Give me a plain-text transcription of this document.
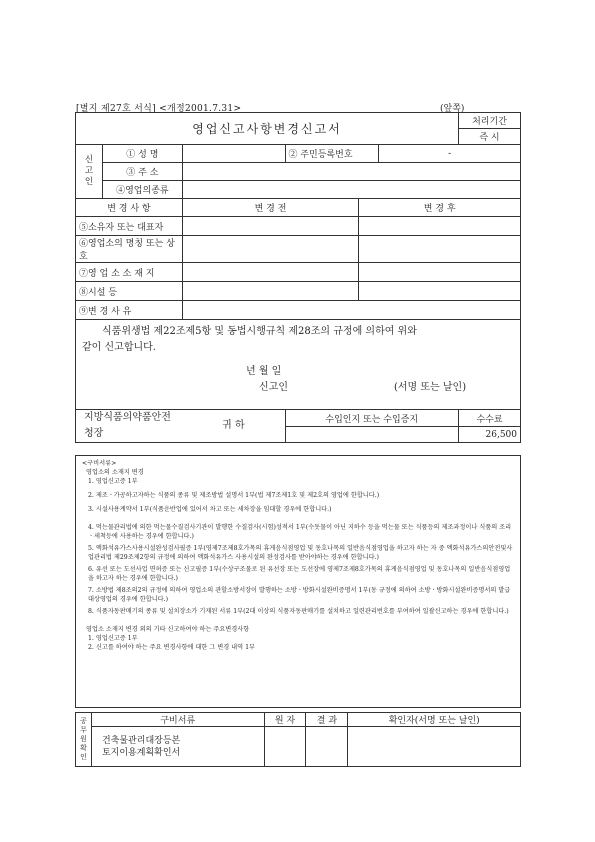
[별지 제27호 서식] <개정2001.7.31>	(앞쪽)
영업신고사항변경신고서						처리기간
						즉 시
신
고
인	① 성 명		② 주민등록번호		-	
	③ 주 소					
	④영업의종류					
변 경 사 항		변 경 전		변 경 후		
⑤소유자 또는 대표자						
⑥영업소의 명칭 또는 상호						
⑦영 업 소 소 재 지						
⑧시설 등						
⑨변 경 사 유						

식품위생법 제22조제5항 및 동법시행규칙 제28조의 규정에 의하여 위와
같이 신고합니다.
년 월 일
신고인 (서명 또는 날인)						

지방식품의약품안전청장		귀 하	수입인지 또는 수입증지			수수료
						26,500

<구비서류>

영업소의 소재지 변경

1. 영업신고증 1부

2. 제조ㆍ가공하고자하는 식품의 종류 및 제조방법 설명서 1부(법 제7조제1호 및 제2호의 영업에 한합니다.)

3. 시설사용계약서 1부(식품운반업에 있어서 차고 또는 세차장을 임대할 경우에 한합니다.)

4. 먹는물관리법에 의한 먹는물수질검사기관이 발행한 수질검사(시험)성적서 1부(수돗물이 아닌 지하수 등을 먹는물 또는 식품등의 제조과정이나 식품의 조리ㆍ세척등에 사용하는 경우에 한합니다.)

5. 액화석유가스사용시설완성검사필증 1부(영제7조제8호가목의 휴게음식점영업 및 동호나목의 일반음식점영업을 하고자 하는 자 중 액화석유가스의안전및사업관리법 제29조제2항의 규정에 의하여 액화석유가스 사용시설의 완성검사를 받아야하는 경우에 한합니다.)

6. 유선 또는 도선사업 면허증 또는 신고필증 1부(수상구조물로 된 유선장 또는 도선장에 영제7조제8호가목의 휴게음식점영업 및 동호나목의 일반음식점영업을 하고자 하는 경우에 한합니다.)

7. 소방법 제8조의2의 규정에 의하여 영업소의 관할소방서장이 발행하는 소방ㆍ방화시설완비증명서 1부(동 규정에 의하여 소방ㆍ방화시설완비증명서의 발급대상영업의 경우에 한합니다.)

8. 식품자동판매기의 종류 및 설치장소가 기재된 서류 1부(2대 이상의 식품자동판매기를 설치하고 일련관리번호를 부여하여 일괄신고하는 경우에 한합니다.)

영업소 소재지 변경 외의 기타 신고하여야 하는 주요변경사항

1. 영업신고증 1부

2. 신고를 하여야 하는 주요 변경사항에 대한 그 변경 내역 1부

공
무
원
확
인	구비서류	원 자	결 과	확인자(서명 또는 날인)

	건축물관리대장등본
토지이용계획확인서			
